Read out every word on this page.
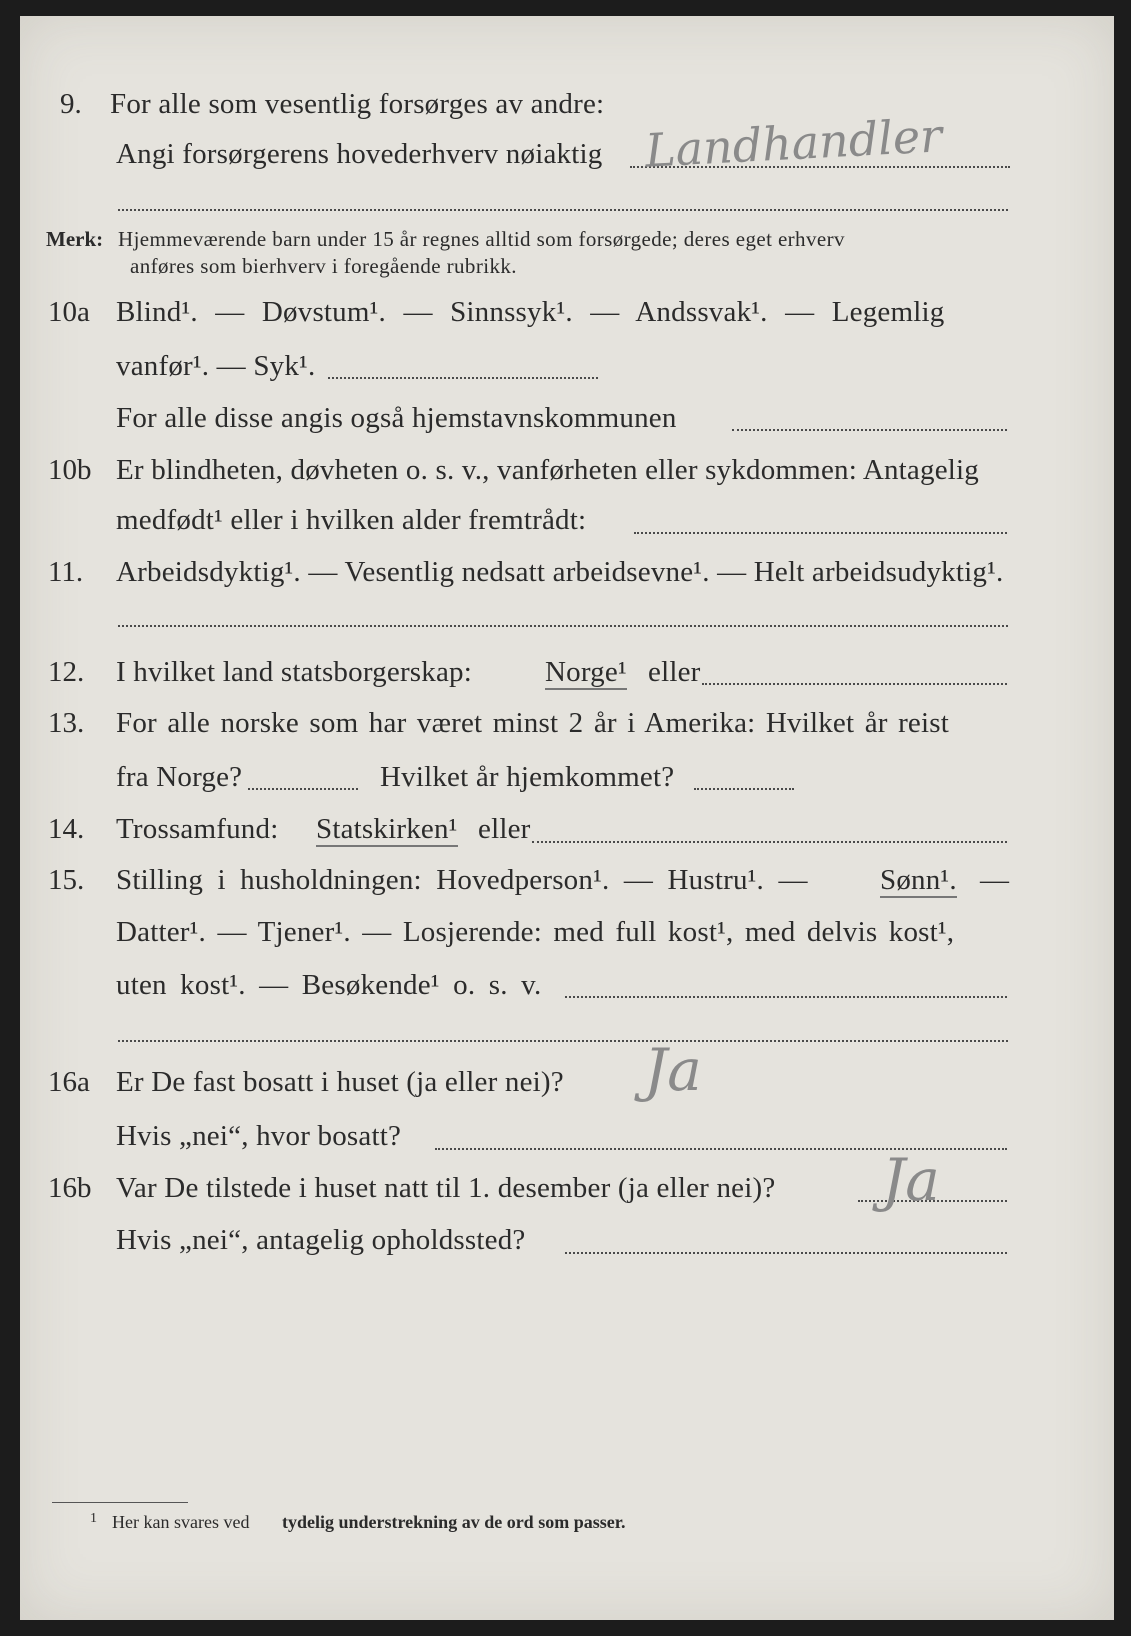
9. For alle som vesentlig forsørges av andre:
Angi forsørgerens hovederhverv nøiaktig Landhandler
Merk: Hjemmeværende barn under 15 år regnes alltid som forsørgede; deres eget erhverv
anføres som bierhverv i foregående rubrikk.
10a Blind¹. — Døvstum¹. — Sinnssyk¹. — Andssvak¹. — Legemlig
vanfør¹. — Syk¹.
For alle disse angis også hjemstavnskommunen
10b Er blindheten, døvheten o. s. v., vanførheten eller sykdommen: Antagelig
medfødt¹ eller i hvilken alder fremtrådt:
11. Arbeidsdyktig¹. — Vesentlig nedsatt arbeidsevne¹. — Helt arbeidsudyktig¹.
12. I hvilket land statsborgerskap:	Norge¹ eller
13. For alle norske som har været minst 2 år i Amerika: Hvilket år reist
fra Norge?	Hvilket år hjemkommet?
14. Trossamfund: Statskirken¹ eller
15. Stilling i husholdningen: Hovedperson¹. — Hustru¹. — Sønn¹. —
Datter¹. — Tjener¹. — Losjerende: med full kost¹, med delvis kost¹,
uten kost¹. — Besøkende¹ o. s. v.
16a Er De fast bosatt i huset (ja eller nei)? Ja
Hvis „nei“, hvor bosatt?
16b Var De tilstede i huset natt til 1. desember (ja eller nei)? Ja
Hvis „nei“, antagelig opholdssted?
1 Her kan svares ved tydelig understrekning av de ord som passer.
